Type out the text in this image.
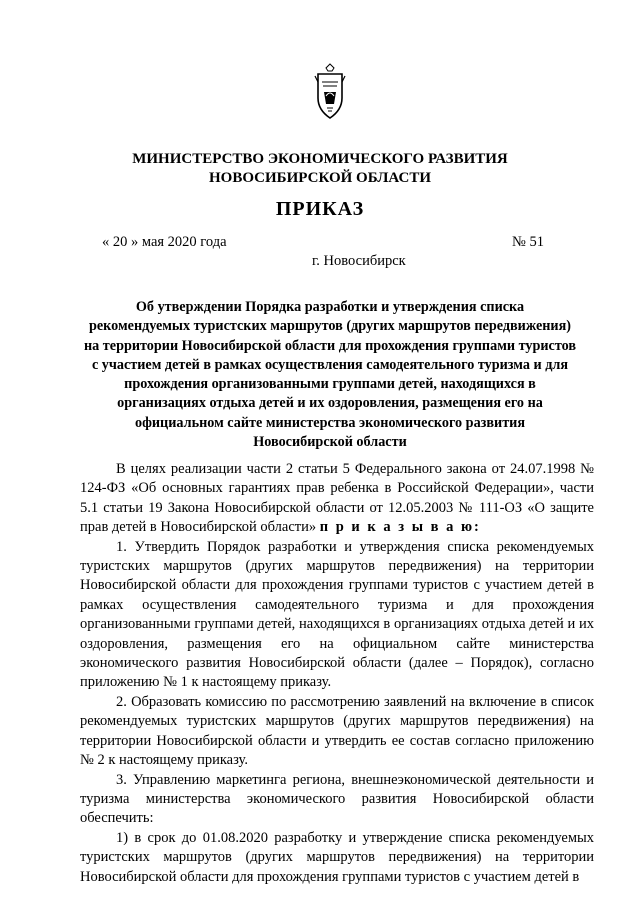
МИНИСТЕРСТВО ЭКОНОМИЧЕСКОГО РАЗВИТИЯ
НОВОСИБИРСКОЙ ОБЛАСТИ
ПРИКАЗ
« 20 » мая 2020 года	№ 51
г. Новосибирск
Об утверждении Порядка разработки и утверждения списка
рекомендуемых туристских маршрутов (других маршрутов передвижения)
на территории Новосибирской области для прохождения группами туристов
с участием детей в рамках осуществления самодеятельного туризма и для
прохождения организованными группами детей, находящихся в
организациях отдыха детей и их оздоровления, размещения его на
официальном сайте министерства экономического развития
Новосибирской области

В целях реализации части 2 статьи 5 Федерального закона от 24.07.1998 № 124-ФЗ «Об основных гарантиях прав ребенка в Российской Федерации», части 5.1 статьи 19 Закона Новосибирской области от 12.05.2003 № 111-ОЗ «О защите прав детей в Новосибирской области» п р и к а з ы в а ю:

1. Утвердить Порядок разработки и утверждения списка рекомендуемых туристских маршрутов (других маршрутов передвижения) на территории Новосибирской области для прохождения группами туристов с участием детей в рамках осуществления самодеятельного туризма и для прохождения организованными группами детей, находящихся в организациях отдыха детей и их оздоровления, размещения его на официальном сайте министерства экономического развития Новосибирской области (далее – Порядок), согласно приложению № 1 к настоящему приказу.

2. Образовать комиссию по рассмотрению заявлений на включение в список рекомендуемых туристских маршрутов (других маршрутов передвижения) на территории Новосибирской области и утвердить ее состав согласно приложению № 2 к настоящему приказу.

3. Управлению маркетинга региона, внешнеэкономической деятельности и туризма министерства экономического развития Новосибирской области обеспечить:

1) в срок до 01.08.2020 разработку и утверждение списка рекомендуемых туристских маршрутов (других маршрутов передвижения) на территории Новосибирской области для прохождения группами туристов с участием детей в
